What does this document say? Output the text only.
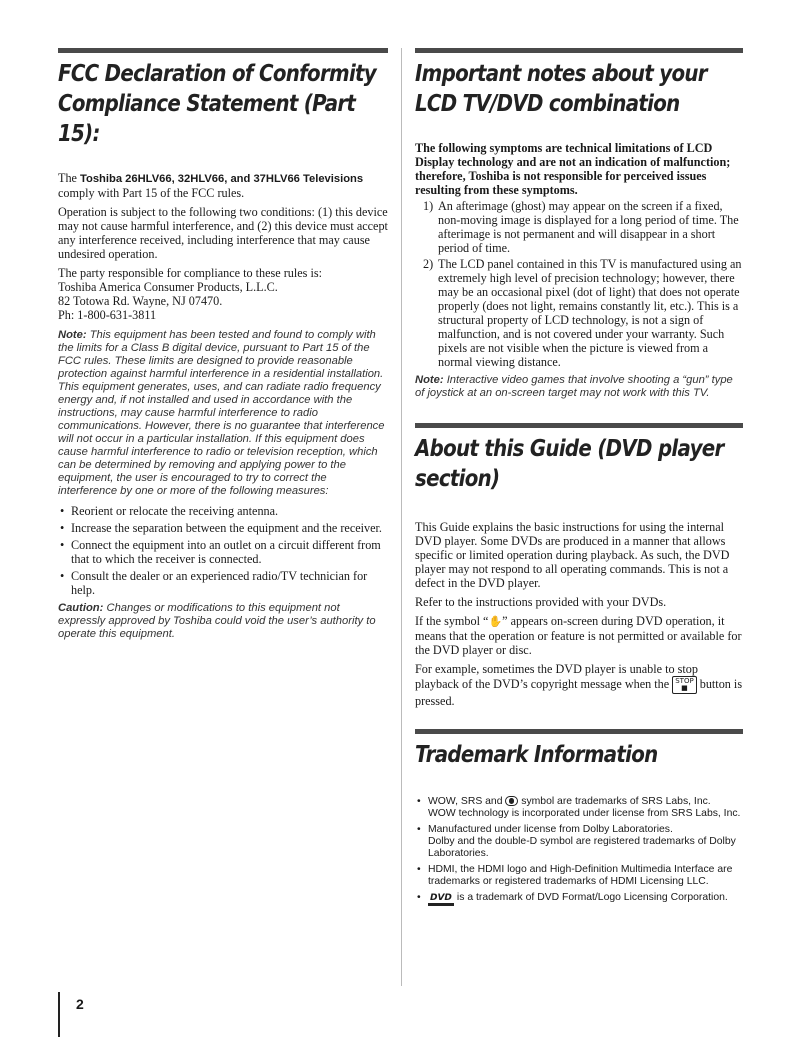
FCC Declaration of Conformity Compliance Statement (Part 15):

The Toshiba 26HLV66, 32HLV66, and 37HLV66 Televisions comply with Part 15 of the FCC rules.

Operation is subject to the following two conditions: (1) this device may not cause harmful interference, and (2) this device must accept any interference received, including interference that may cause undesired operation.

The party responsible for compliance to these rules is:
Toshiba America Consumer Products, L.L.C.
82 Totowa Rd. Wayne, NJ 07470.
Ph: 1-800-631-3811

Note: This equipment has been tested and found to comply with the limits for a Class B digital device, pursuant to Part 15 of the FCC rules. These limits are designed to provide reasonable protection against harmful interference in a residential installation. This equipment generates, uses, and can radiate radio frequency energy and, if not installed and used in accordance with the instructions, may cause harmful interference to radio communications. However, there is no guarantee that interference will not occur in a particular installation. If this equipment does cause harmful interference to radio or television reception, which can be determined by removing and applying power to the equipment, the user is encouraged to try to correct the interference by one or more of the following measures:

• Reorient or relocate the receiving antenna.
• Increase the separation between the equipment and the receiver.
• Connect the equipment into an outlet on a circuit different from that to which the receiver is connected.
• Consult the dealer or an experienced radio/TV technician for help.

Caution: Changes or modifications to this equipment not expressly approved by Toshiba could void the user’s authority to operate this equipment.

Important notes about your LCD TV/DVD combination

The following symptoms are technical limitations of LCD Display technology and are not an indication of malfunction; therefore, Toshiba is not responsible for perceived issues resulting from these symptoms.

1) An afterimage (ghost) may appear on the screen if a fixed, non-moving image is displayed for a long period of time. The afterimage is not permanent and will disappear in a short period of time.
2) The LCD panel contained in this TV is manufactured using an extremely high level of precision technology; however, there may be an occasional pixel (dot of light) that does not operate properly (does not light, remains constantly lit, etc.). This is a structural property of LCD technology, is not a sign of malfunction, and is not covered under your warranty. Such pixels are not visible when the picture is viewed from a normal viewing distance.

Note: Interactive video games that involve shooting a “gun” type of joystick at an on-screen target may not work with this TV.

About this Guide (DVD player section)

This Guide explains the basic instructions for using the internal DVD player. Some DVDs are produced in a manner that allows specific or limited operation during playback. As such, the DVD player may not respond to all operating commands. This is not a defect in the DVD player.

Refer to the instructions provided with your DVDs.

If the symbol “✋” appears on-screen during DVD operation, it means that the operation or feature is not permitted or available for the DVD player or disc.

For example, sometimes the DVD player is unable to stop playback of the DVD’s copyright message when the STOP
■ button is pressed.

Trademark Information
• WOW, SRS and  symbol are trademarks of SRS Labs, Inc.
WOW technology is incorporated under license from SRS Labs, Inc.
• Manufactured under license from Dolby Laboratories.
Dolby and the double-D symbol are registered trademarks of Dolby Laboratories.
• HDMI, the HDMI logo and High-Definition Multimedia Interface are trademarks or registered trademarks of HDMI Licensing LLC.
• DVD is a trademark of DVD Format/Logo Licensing Corporation.
2
